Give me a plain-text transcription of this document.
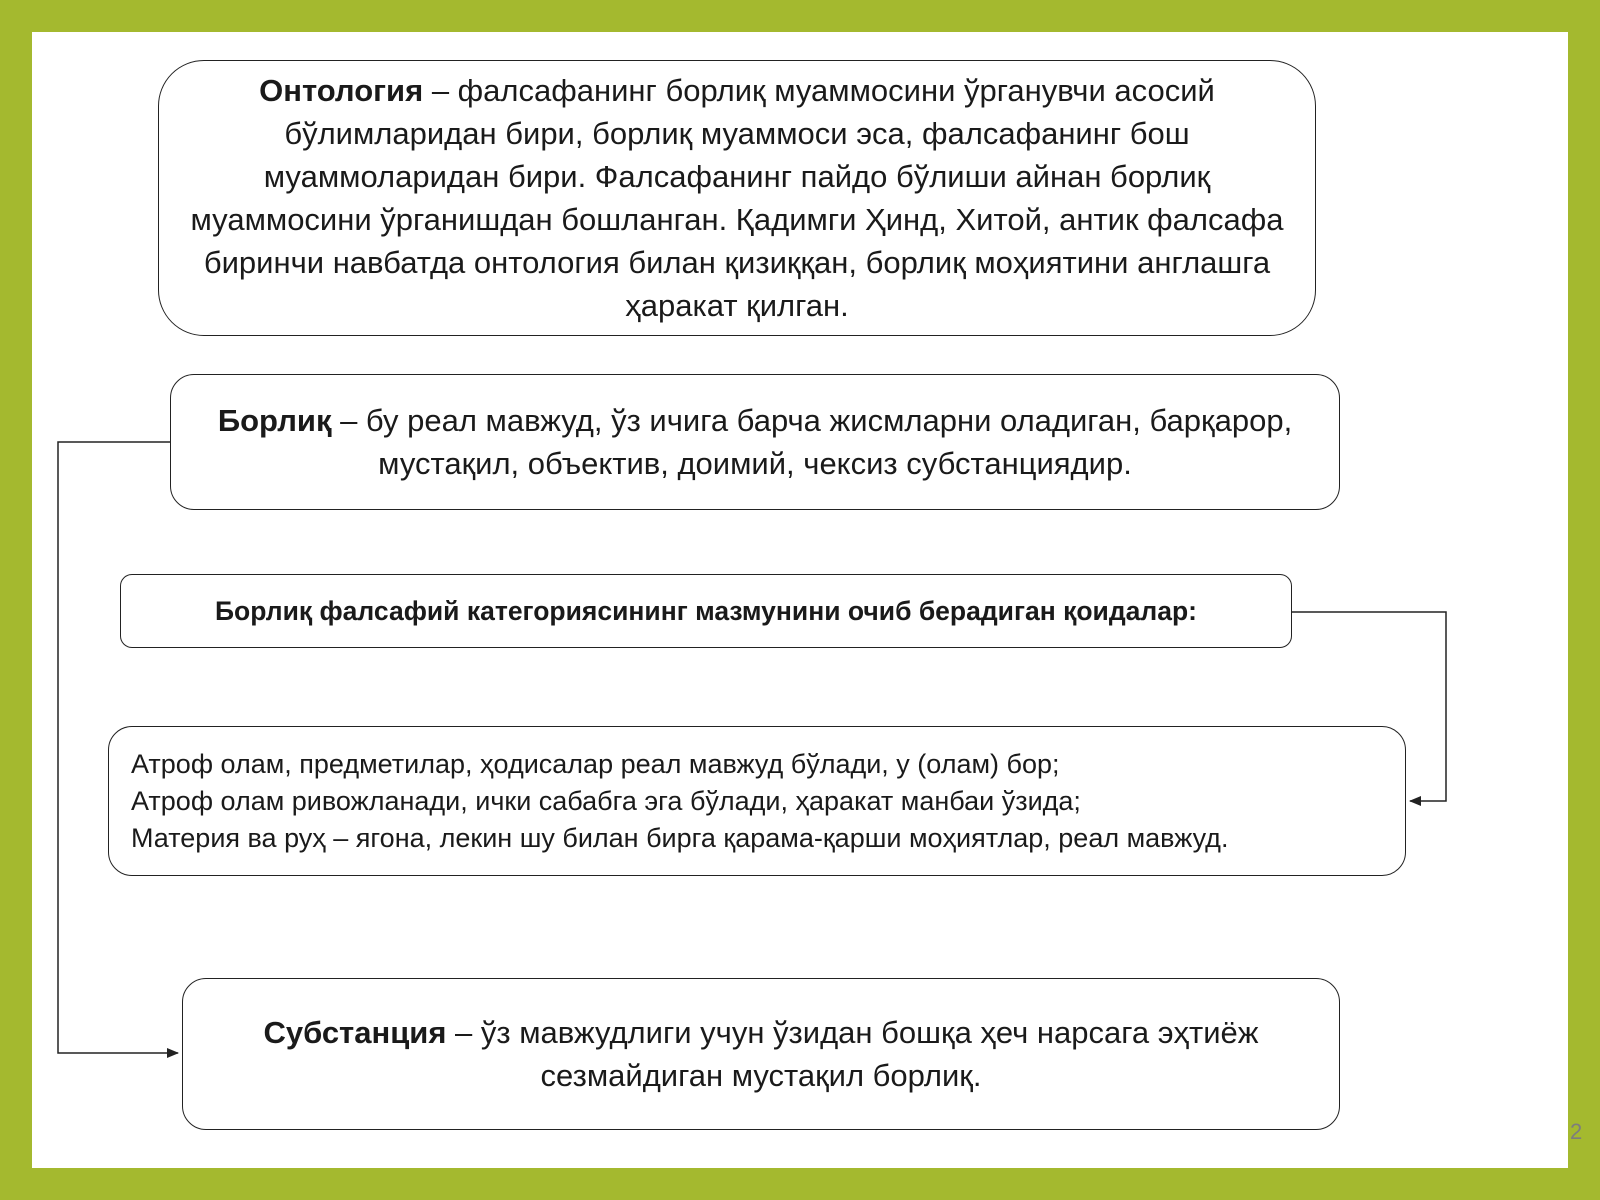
Онтология – фалсафанинг борлиқ муаммосини ўрганувчи асосий бўлимларидан бири, борлиқ муаммоси эса, фалсафанинг бош муаммоларидан бири. Фалсафанинг пайдо бўлиши айнан борлиқ муаммосини ўрганишдан бошланган. Қадимги Ҳинд, Хитой, антик фалсафа биринчи навбатда онтология билан қизиққан, борлиқ моҳиятини англашга ҳаракат қилган.

Борлиқ – бу реал мавжуд, ўз ичига барча жисмларни оладиган, барқарор, мустақил, объектив, доимий, чексиз субстанциядир.

Борлиқ фалсафий категориясининг мазмунини очиб берадиган қоидалар:

Атроф олам, предметилар, ҳодисалар реал мавжуд бўлади, у (олам) бор;
Атроф олам ривожланади, ички сабабга эга бўлади, ҳаракат манбаи ўзида;
Материя ва руҳ – ягона, лекин шу билан бирга қарама-қарши моҳиятлар, реал мавжуд.

Субстанция – ўз мавжудлиги учун ўзидан бошқа ҳеч нарсага эҳтиёж сезмайдиган мустақил борлиқ.

2
